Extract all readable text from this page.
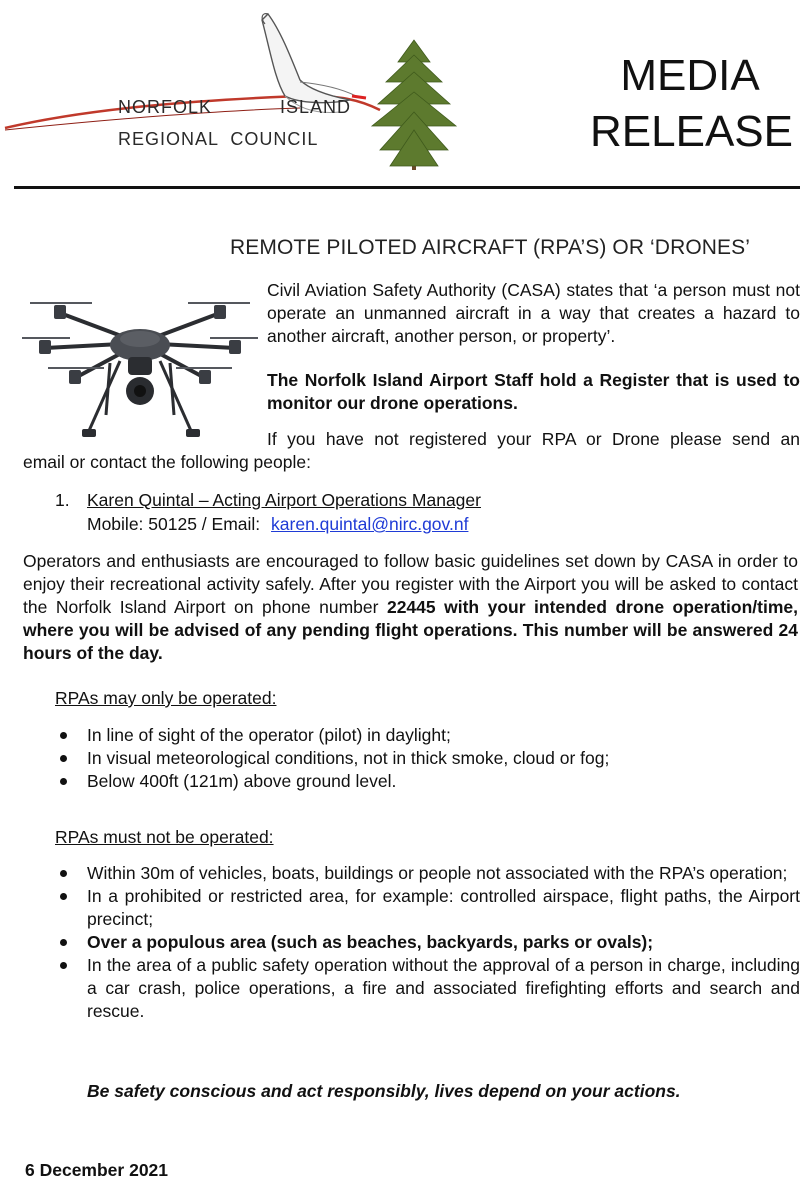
NORFOLK	ISLAND
REGIONAL  COUNCIL
MEDIA
RELEASE
REMOTE PILOTED AIRCRAFT (RPA’S) OR ‘DRONES’

Civil Aviation Safety Authority (CASA) states that ‘a person must not operate an unmanned aircraft in a way that creates a hazard to another aircraft, another person, or property’.

The Norfolk Island Airport Staff hold a Register that is used to monitor our drone operations.

If you have not registered your RPA or Drone please send an

email or contact the following people:

1. Karen Quintal – Acting Airport Operations Manager

Mobile: 50125 / Email: karen.quintal@nirc.gov.nf

Operators and enthusiasts are encouraged to follow basic guidelines set down by CASA in order to enjoy their recreational activity safely. After you register with the Airport you will be asked to contact the Norfolk Island Airport on phone number 22445 with your intended drone operation/time, where you will be advised of any pending flight operations. This number will be answered 24 hours of the day.

RPAs may only be operated:

In line of sight of the operator (pilot) in daylight;
In visual meteorological conditions, not in thick smoke, cloud or fog;
Below 400ft (121m) above ground level.

RPAs must not be operated:

Within 30m of vehicles, boats, buildings or people not associated with the RPA’s operation;
In a prohibited or restricted area, for example: controlled airspace, flight paths, the Airport precinct;
Over a populous area (such as beaches, backyards, parks or ovals);
In the area of a public safety operation without the approval of a person in charge, including a car crash, police operations, a fire and associated firefighting efforts and search and rescue.

Be safety conscious and act responsibly, lives depend on your actions.

6 December 2021
